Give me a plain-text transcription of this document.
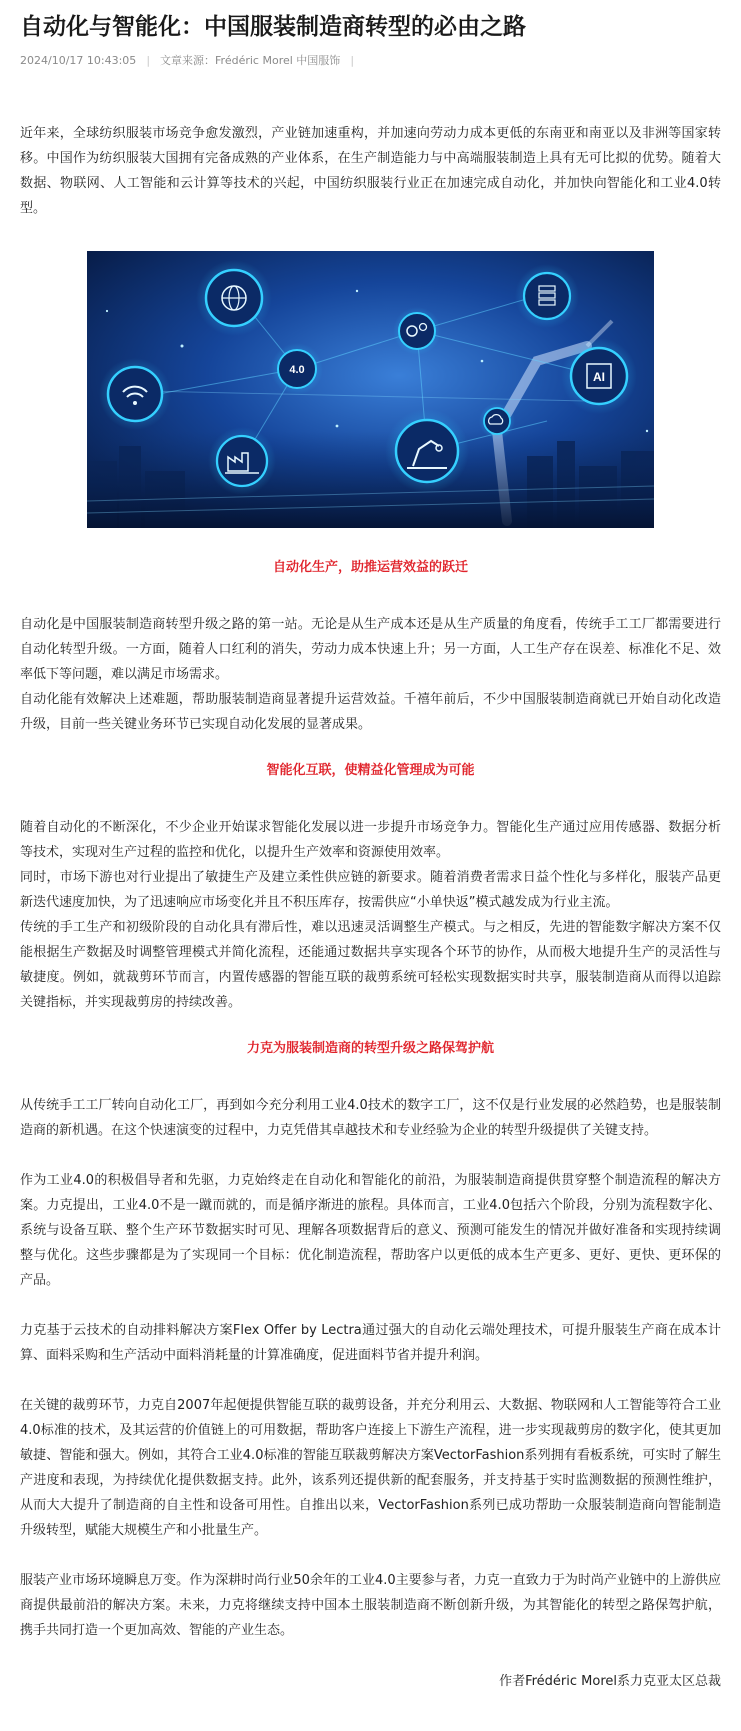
自动化与智能化：中国服装制造商转型的必由之路
2024/10/17 10:43:05 | 文章来源：Frédéric Morel 中国服饰 |

近年来，全球纺织服装市场竞争愈发激烈，产业链加速重构，并加速向劳动力成本更低的东南亚和南亚以及非洲等国家转移。中国作为纺织服装大国拥有完备成熟的产业体系，在生产制造能力与中高端服装制造上具有无可比拟的优势。随着大数据、物联网、人工智能和云计算等技术的兴起，中国纺织服装行业正在加速完成自动化，并加快向智能化和工业4.0转型。

4.0	AI
自动化生产，助推运营效益的跃迁

自动化是中国服装制造商转型升级之路的第一站。无论是从生产成本还是从生产质量的角度看，传统手工工厂都需要进行自动化转型升级。一方面，随着人口红利的消失，劳动力成本快速上升；另一方面，人工生产存在误差、标准化不足、效率低下等问题，难以满足市场需求。

自动化能有效解决上述难题，帮助服装制造商显著提升运营效益。千禧年前后，不少中国服装制造商就已开始自动化改造升级，目前一些关键业务环节已实现自动化发展的显著成果。

智能化互联，使精益化管理成为可能

随着自动化的不断深化，不少企业开始谋求智能化发展以进一步提升市场竞争力。智能化生产通过应用传感器、数据分析等技术，实现对生产过程的监控和优化，以提升生产效率和资源使用效率。

同时，市场下游也对行业提出了敏捷生产及建立柔性供应链的新要求。随着消费者需求日益个性化与多样化，服装产品更新迭代速度加快，为了迅速响应市场变化并且不积压库存，按需供应“小单快返”模式越发成为行业主流。

传统的手工生产和初级阶段的自动化具有滞后性，难以迅速灵活调整生产模式。与之相反，先进的智能数字解决方案不仅能根据生产数据及时调整管理模式并简化流程，还能通过数据共享实现各个环节的协作，从而极大地提升生产的灵活性与敏捷度。例如，就裁剪环节而言，内置传感器的智能互联的裁剪系统可轻松实现数据实时共享，服装制造商从而得以追踪关键指标，并实现裁剪房的持续改善。

力克为服装制造商的转型升级之路保驾护航

从传统手工工厂转向自动化工厂，再到如今充分利用工业4.0技术的数字工厂，这不仅是行业发展的必然趋势，也是服装制造商的新机遇。在这个快速演变的过程中，力克凭借其卓越技术和专业经验为企业的转型升级提供了关键支持。

作为工业4.0的积极倡导者和先驱，力克始终走在自动化和智能化的前沿，为服装制造商提供贯穿整个制造流程的解决方案。力克提出，工业4.0不是一蹴而就的，而是循序渐进的旅程。具体而言，工业4.0包括六个阶段，分别为流程数字化、系统与设备互联、整个生产环节数据实时可见、理解各项数据背后的意义、预测可能发生的情况并做好准备和实现持续调整与优化。这些步骤都是为了实现同一个目标：优化制造流程，帮助客户以更低的成本生产更多、更好、更快、更环保的产品。

力克基于云技术的自动排料解决方案Flex Offer by Lectra通过强大的自动化云端处理技术，可提升服装生产商在成本计算、面料采购和生产活动中面料消耗量的计算准确度，促进面料节省并提升利润。

在关键的裁剪环节，力克自2007年起便提供智能互联的裁剪设备，并充分利用云、大数据、物联网和人工智能等符合工业4.0标准的技术，及其运营的价值链上的可用数据，帮助客户连接上下游生产流程，进一步实现裁剪房的数字化，使其更加敏捷、智能和强大。例如，其符合工业4.0标准的智能互联裁剪解决方案VectorFashion系列拥有看板系统，可实时了解生产进度和表现，为持续优化提供数据支持。此外，该系列还提供新的配套服务，并支持基于实时监测数据的预测性维护，从而大大提升了制造商的自主性和设备可用性。自推出以来，VectorFashion系列已成功帮助一众服装制造商向智能制造升级转型，赋能大规模生产和小批量生产。

服装产业市场环境瞬息万变。作为深耕时尚行业50余年的工业4.0主要参与者，力克一直致力于为时尚产业链中的上游供应商提供最前沿的解决方案。未来，力克将继续支持中国本土服装制造商不断创新升级，为其智能化的转型之路保驾护航，携手共同打造一个更加高效、智能的产业生态。

作者Frédéric Morel系力克亚太区总裁
